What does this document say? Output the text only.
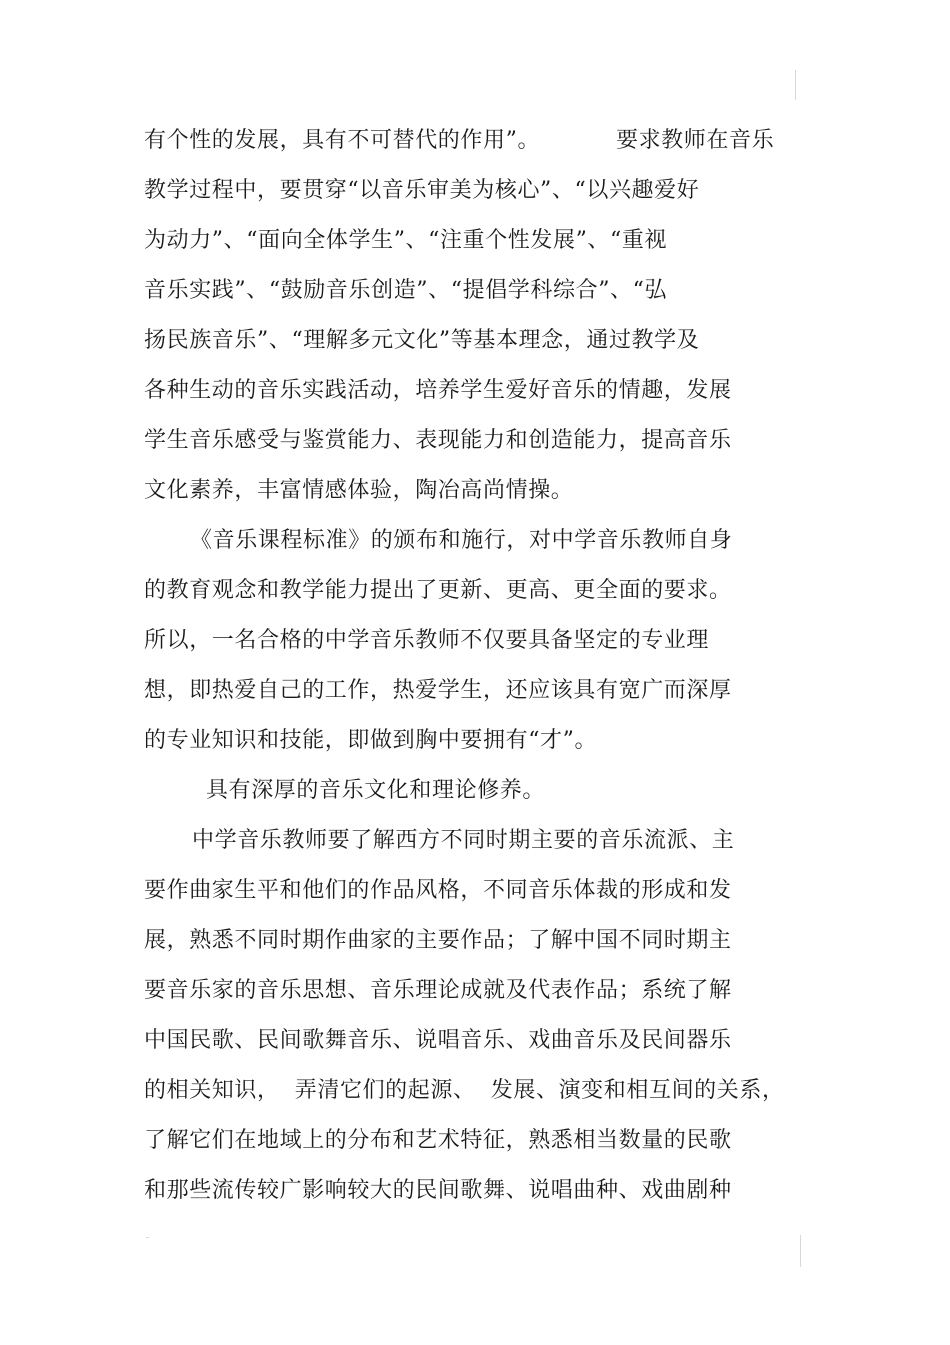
有个性的发展，具有不可替代的作用”。          要求教师在音乐
教学过程中，要贯穿“以音乐审美为核心”、“以兴趣爱好
为动力”、“面向全体学生”、“注重个性发展”、“重视
音乐实践”、“鼓励音乐创造”、“提倡学科综合”、“弘
扬民族音乐”、“理解多元文化”等基本理念，通过教学及
各种生动的音乐实践活动，培养学生爱好音乐的情趣，发展
学生音乐感受与鉴赏能力、表现能力和创造能力，提高音乐
文化素养，丰富情感体验，陶冶高尚情操。
《音乐课程标准》的颁布和施行，对中学音乐教师自身
的教育观念和教学能力提出了更新、更高、更全面的要求。
所以，一名合格的中学音乐教师不仅要具备坚定的专业理
想，即热爱自己的工作，热爱学生，还应该具有宽广而深厚
的专业知识和技能，即做到胸中要拥有“才”。
具有深厚的音乐文化和理论修养。
中学音乐教师要了解西方不同时期主要的音乐流派、主
要作曲家生平和他们的作品风格，不同音乐体裁的形成和发
展，熟悉不同时期作曲家的主要作品；了解中国不同时期主
要音乐家的音乐思想、音乐理论成就及代表作品；系统了解
中国民歌、民间歌舞音乐、说唱音乐、戏曲音乐及民间器乐
的相关知识，  弄清它们的起源、  发展、演变和相互间的关系，
了解它们在地域上的分布和艺术特征，熟悉相当数量的民歌
和那些流传较广影响较大的民间歌舞、说唱曲种、戏曲剧种
